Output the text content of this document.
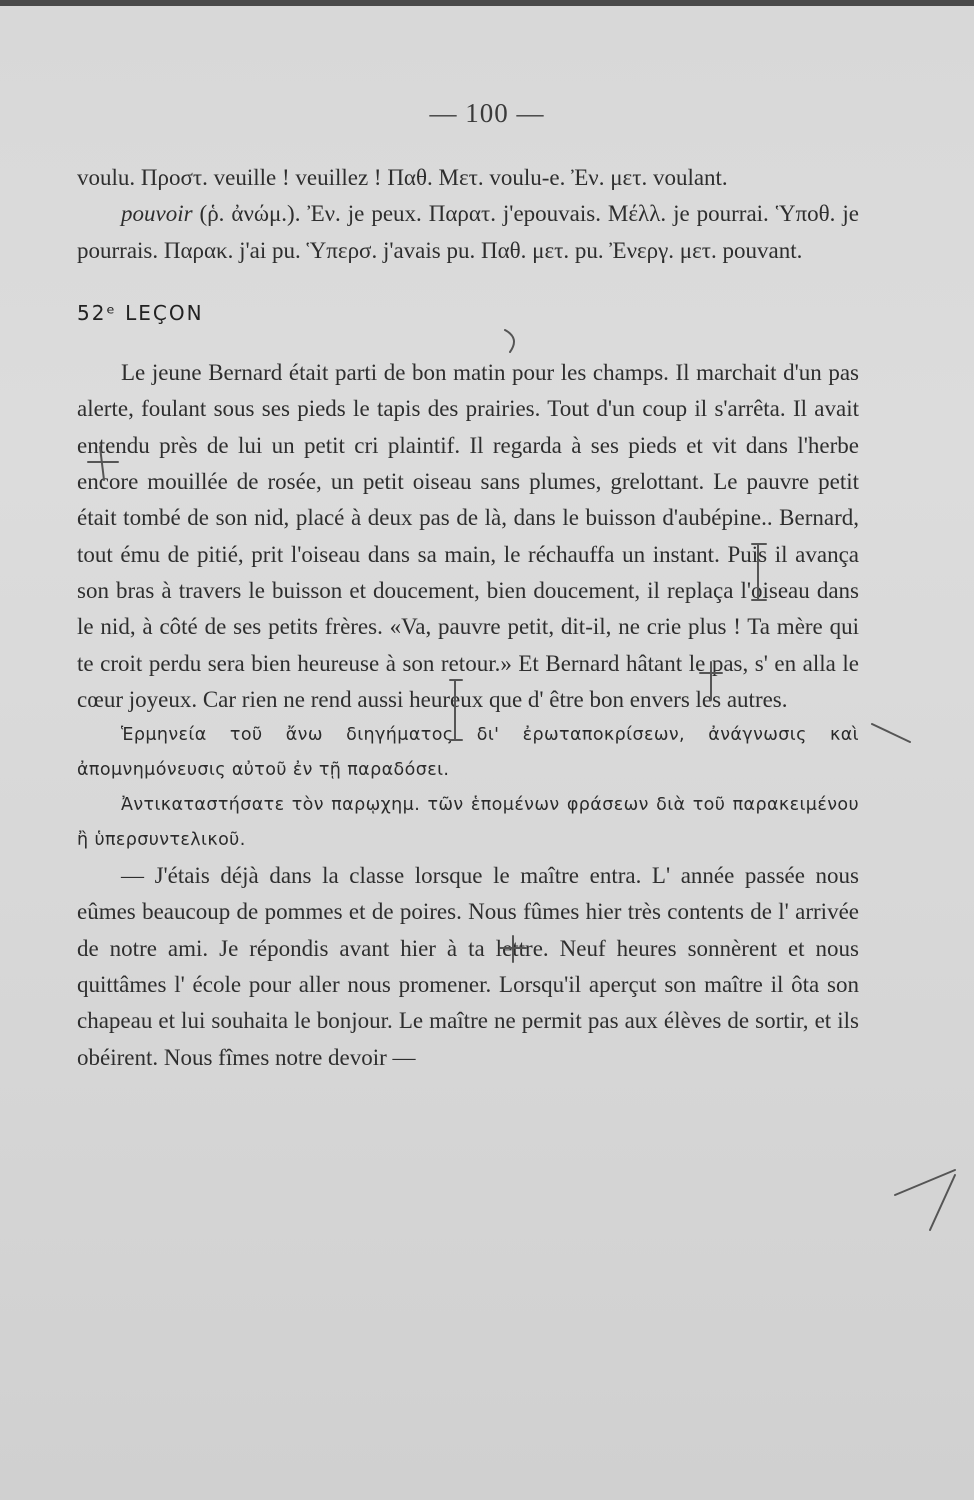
— 100 —

voulu. Προστ. veuille ! veuillez ! Παθ. Μετ. voulu-e. Ἐν. μετ. voulant.

pouvoir (ῥ. ἀνώμ.). Ἐν. je peux. Παρατ. j'epouvais. Μέλλ. je pourrai. Ὑποθ. je pourrais. Παρακ. j'ai pu. Ὑπερσ. j'avais pu. Παθ. μετ. pu. Ἐνεργ. μετ. pouvant.

52ᵉ LEÇON

Le jeune Bernard était parti de bon matin pour les champs. Il marchait d'un pas alerte, foulant sous ses pieds le tapis des prairies. Tout d'un coup il s'arrêta. Il avait entendu près de lui un petit cri plaintif. Il regarda à ses pieds et vit dans l'herbe encore mouillée de rosée, un petit oiseau sans plumes, grelottant. Le pauvre petit était tombé de son nid, placé à deux pas de là, dans le buisson d'aubépine.. Bernard, tout ému de pitié, prit l'oiseau dans sa main, le réchauffa un instant. Puis il avança son bras à travers le buisson et doucement, bien doucement, il replaça l'oiseau dans le nid, à côté de ses petits frères. «Va, pauvre petit, dit-il, ne crie plus ! Ta mère qui te croit perdu sera bien heureuse à son retour.» Et Bernard hâtant le pas, s' en alla le cœur joyeux. Car rien ne rend aussi heureux que d' être bon envers les autres.

Ἑρμηνεία τοῦ ἄνω διηγήματος δι' ἐρωταποκρίσεων, ἀνάγνωσις καὶ ἀπομνημόνευσις αὐτοῦ ἐν τῇ παραδόσει.

Ἀντικαταστήσατε τὸν παρῳχημ. τῶν ἑπομένων φράσεων διὰ τοῦ παρακειμένου ἢ ὑπερσυντελικοῦ.

— J'étais déjà dans la classe lorsque le maître entra. L' année passée nous eûmes beaucoup de pommes et de poires. Nous fûmes hier très contents de l' arrivée de notre ami. Je répondis avant hier à ta lettre. Neuf heures sonnèrent et nous quittâmes l' école pour aller nous promener. Lorsqu'il aperçut son maître il ôta son chapeau et lui souhaita le bonjour. Le maître ne permit pas aux élèves de sortir, et ils obéirent. Nous fîmes notre devoir —
